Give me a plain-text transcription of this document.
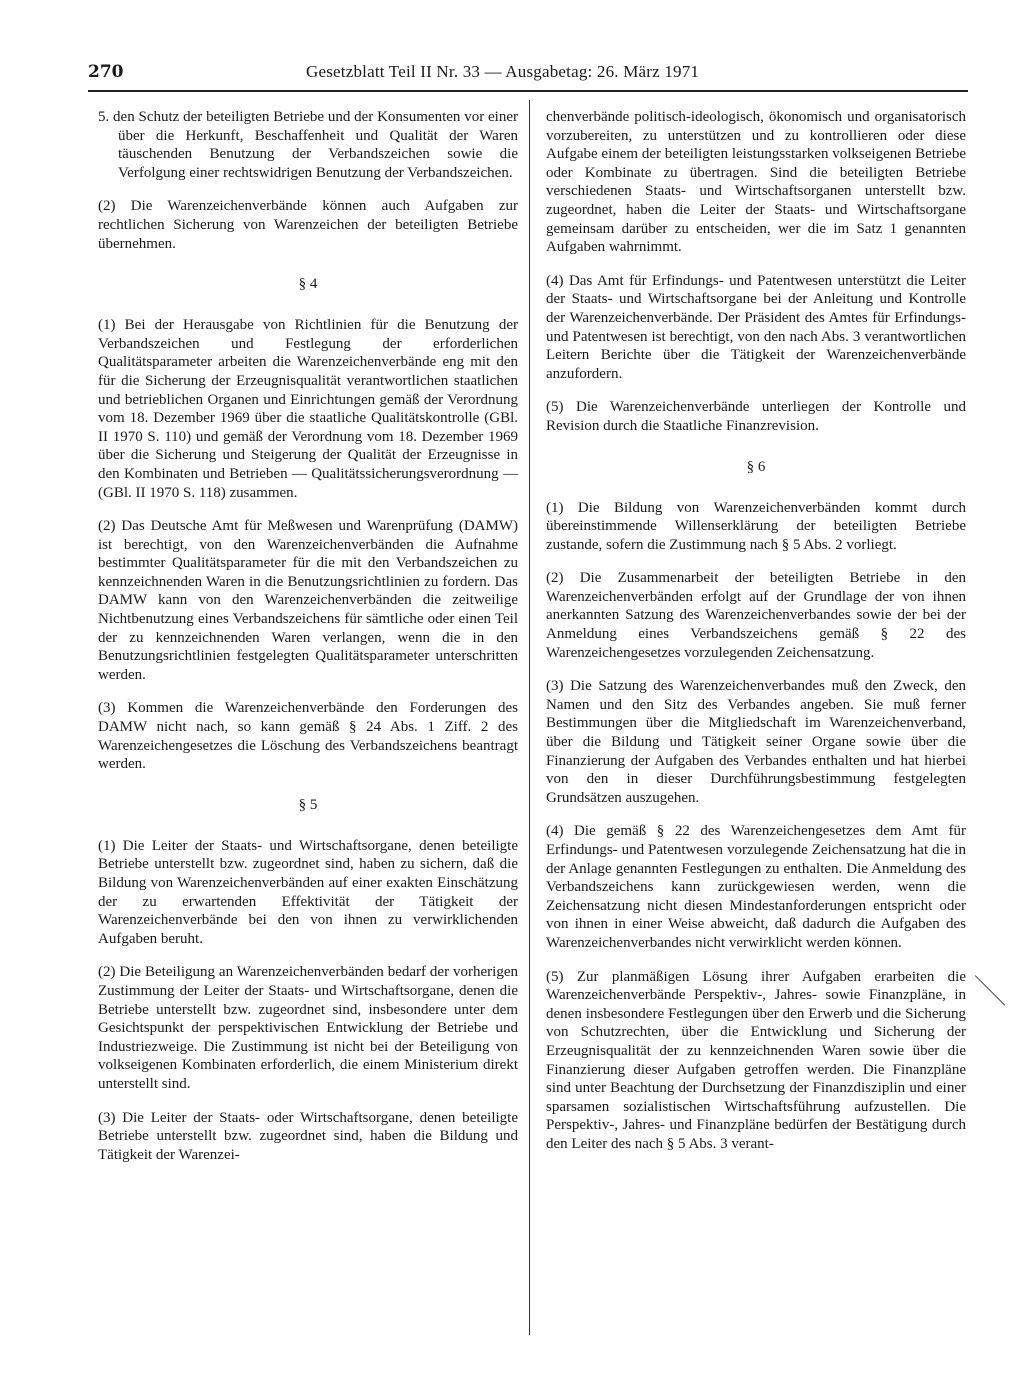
270	Gesetzblatt Teil II Nr. 33 — Ausgabetag: 26. März 1971

5. den Schutz der beteiligten Betriebe und der Konsumenten vor einer über die Herkunft, Beschaffenheit und Qualität der Waren täuschenden Benutzung der Verbandszeichen sowie die Verfolgung einer rechtswidrigen Benutzung der Verbandszeichen.

(2) Die Warenzeichenverbände können auch Aufgaben zur rechtlichen Sicherung von Warenzeichen der beteiligten Betriebe übernehmen.

§ 4

(1) Bei der Herausgabe von Richtlinien für die Benutzung der Verbandszeichen und Festlegung der erforderlichen Qualitätsparameter arbeiten die Warenzeichenverbände eng mit den für die Sicherung der Erzeugnisqualität verantwortlichen staatlichen und betrieblichen Organen und Einrichtungen gemäß der Verordnung vom 18. Dezember 1969 über die staatliche Qualitätskontrolle (GBl. II 1970 S. 110) und gemäß der Verordnung vom 18. Dezember 1969 über die Sicherung und Steigerung der Qualität der Erzeugnisse in den Kombinaten und Betrieben — Qualitätssicherungsverordnung — (GBl. II 1970 S. 118) zusammen.

(2) Das Deutsche Amt für Meßwesen und Warenprüfung (DAMW) ist berechtigt, von den Warenzeichenverbänden die Aufnahme bestimmter Qualitätsparameter für die mit den Verbandszeichen zu kennzeichnenden Waren in die Benutzungsrichtlinien zu fordern. Das DAMW kann von den Warenzeichenverbänden die zeitweilige Nichtbenutzung eines Verbandszeichens für sämtliche oder einen Teil der zu kennzeichnenden Waren verlangen, wenn die in den Benutzungsrichtlinien festgelegten Qualitätsparameter unterschritten werden.

(3) Kommen die Warenzeichenverbände den Forderungen des DAMW nicht nach, so kann gemäß § 24 Abs. 1 Ziff. 2 des Warenzeichengesetzes die Löschung des Verbandszeichens beantragt werden.

§ 5

(1) Die Leiter der Staats- und Wirtschaftsorgane, denen beteiligte Betriebe unterstellt bzw. zugeordnet sind, haben zu sichern, daß die Bildung von Warenzeichenverbänden auf einer exakten Einschätzung der zu erwartenden Effektivität der Tätigkeit der Warenzeichenverbände bei den von ihnen zu verwirklichenden Aufgaben beruht.

(2) Die Beteiligung an Warenzeichenverbänden bedarf der vorherigen Zustimmung der Leiter der Staats- und Wirtschaftsorgane, denen die Betriebe unterstellt bzw. zugeordnet sind, insbesondere unter dem Gesichtspunkt der perspektivischen Entwicklung der Betriebe und Industriezweige. Die Zustimmung ist nicht bei der Beteiligung von volkseigenen Kombinaten erforderlich, die einem Ministerium direkt unterstellt sind.

(3) Die Leiter der Staats- oder Wirtschaftsorgane, denen beteiligte Betriebe unterstellt bzw. zugeordnet sind, haben die Bildung und Tätigkeit der Warenzei-

chenverbände politisch-ideologisch, ökonomisch und organisatorisch vorzubereiten, zu unterstützen und zu kontrollieren oder diese Aufgabe einem der beteiligten leistungsstarken volkseigenen Betriebe oder Kombinate zu übertragen. Sind die beteiligten Betriebe verschiedenen Staats- und Wirtschaftsorganen unterstellt bzw. zugeordnet, haben die Leiter der Staats- und Wirtschaftsorgane gemeinsam darüber zu entscheiden, wer die im Satz 1 genannten Aufgaben wahrnimmt.

(4) Das Amt für Erfindungs- und Patentwesen unterstützt die Leiter der Staats- und Wirtschaftsorgane bei der Anleitung und Kontrolle der Warenzeichenverbände. Der Präsident des Amtes für Erfindungs- und Patentwesen ist berechtigt, von den nach Abs. 3 verantwortlichen Leitern Berichte über die Tätigkeit der Warenzeichenverbände anzufordern.

(5) Die Warenzeichenverbände unterliegen der Kontrolle und Revision durch die Staatliche Finanzrevision.

§ 6

(1) Die Bildung von Warenzeichenverbänden kommt durch übereinstimmende Willenserklärung der beteiligten Betriebe zustande, sofern die Zustimmung nach § 5 Abs. 2 vorliegt.

(2) Die Zusammenarbeit der beteiligten Betriebe in den Warenzeichenverbänden erfolgt auf der Grundlage der von ihnen anerkannten Satzung des Warenzeichenverbandes sowie der bei der Anmeldung eines Verbandszeichens gemäß § 22 des Warenzeichengesetzes vorzulegenden Zeichensatzung.

(3) Die Satzung des Warenzeichenverbandes muß den Zweck, den Namen und den Sitz des Verbandes angeben. Sie muß ferner Bestimmungen über die Mitgliedschaft im Warenzeichenverband, über die Bildung und Tätigkeit seiner Organe sowie über die Finanzierung der Aufgaben des Verbandes enthalten und hat hierbei von den in dieser Durchführungsbestimmung festgelegten Grundsätzen auszugehen.

(4) Die gemäß § 22 des Warenzeichengesetzes dem Amt für Erfindungs- und Patentwesen vorzulegende Zeichensatzung hat die in der Anlage genannten Festlegungen zu enthalten. Die Anmeldung des Verbandszeichens kann zurückgewiesen werden, wenn die Zeichensatzung nicht diesen Mindestanforderungen entspricht oder von ihnen in einer Weise abweicht, daß dadurch die Aufgaben des Warenzeichenverbandes nicht verwirklicht werden können.

(5) Zur planmäßigen Lösung ihrer Aufgaben erarbeiten die Warenzeichenverbände Perspektiv-, Jahres- sowie Finanzpläne, in denen insbesondere Festlegungen über den Erwerb und die Sicherung von Schutzrechten, über die Entwicklung und Sicherung der Erzeugnisqualität der zu kennzeichnenden Waren sowie über die Finanzierung dieser Aufgaben getroffen werden. Die Finanzpläne sind unter Beachtung der Durchsetzung der Finanzdisziplin und einer sparsamen sozialistischen Wirtschaftsführung aufzustellen. Die Perspektiv-, Jahres- und Finanzpläne bedürfen der Bestätigung durch den Leiter des nach § 5 Abs. 3 verant-
